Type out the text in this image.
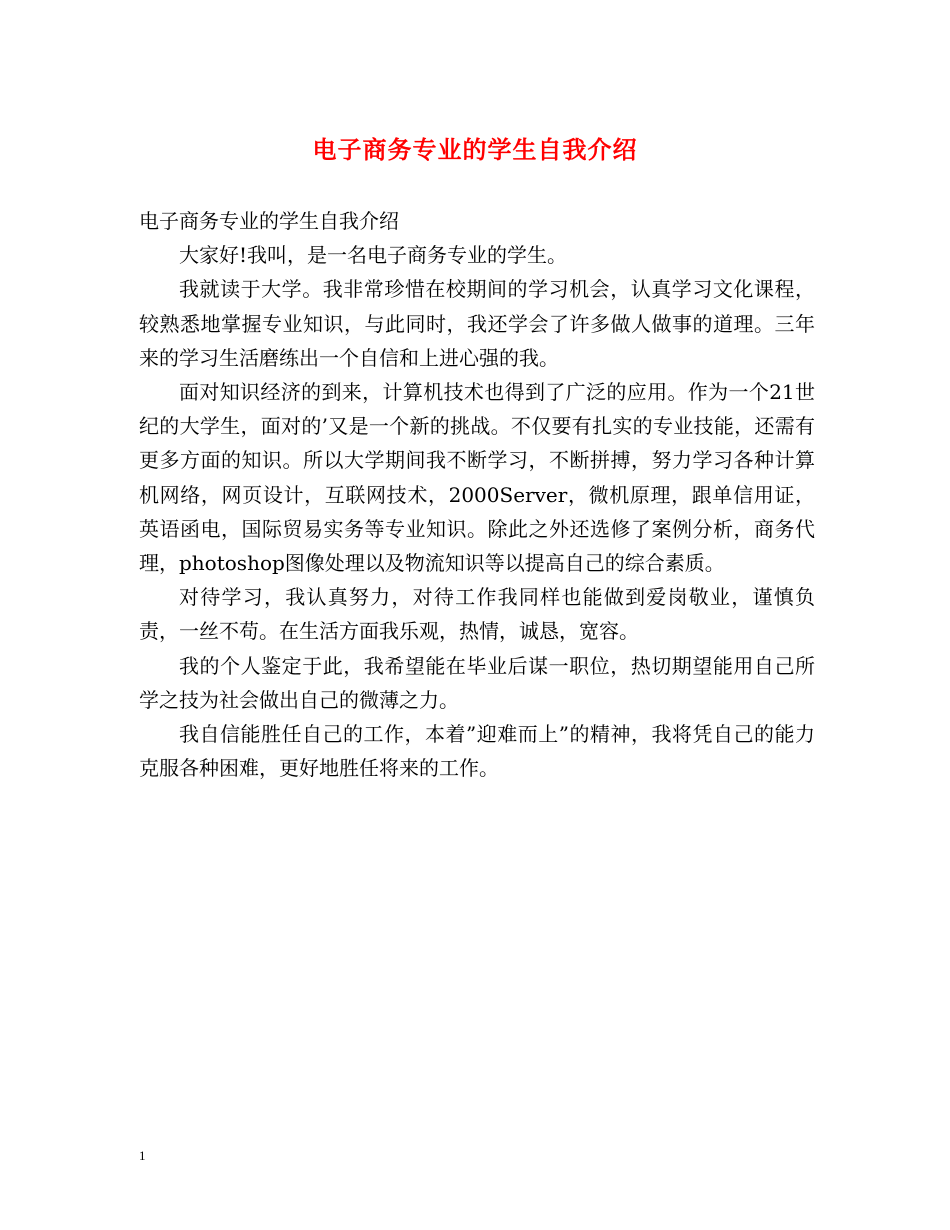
电子商务专业的学生自我介绍

电子商务专业的学生自我介绍

大家好!我叫，是一名电子商务专业的学生。

我就读于大学。我非常珍惜在校期间的学习机会，认真学习文化课程，较熟悉地掌握专业知识，与此同时，我还学会了许多做人做事的道理。三年来的学习生活磨练出一个自信和上进心强的我。

面对知识经济的到来，计算机技术也得到了广泛的应用。作为一个21世纪的大学生，面对的’又是一个新的挑战。不仅要有扎实的专业技能，还需有更多方面的知识。所以大学期间我不断学习，不断拼搏，努力学习各种计算机网络，网页设计，互联网技术，2000Server，微机原理，跟单信用证，英语函电，国际贸易实务等专业知识。除此之外还选修了案例分析，商务代理，photoshop图像处理以及物流知识等以提高自己的综合素质。

对待学习，我认真努力，对待工作我同样也能做到爱岗敬业，谨慎负责，一丝不苟。在生活方面我乐观，热情，诚恳，宽容。

我的个人鉴定于此，我希望能在毕业后谋一职位，热切期望能用自己所学之技为社会做出自己的微薄之力。

我自信能胜任自己的工作，本着”迎难而上”的精神，我将凭自己的能力克服各种困难，更好地胜任将来的工作。

1
